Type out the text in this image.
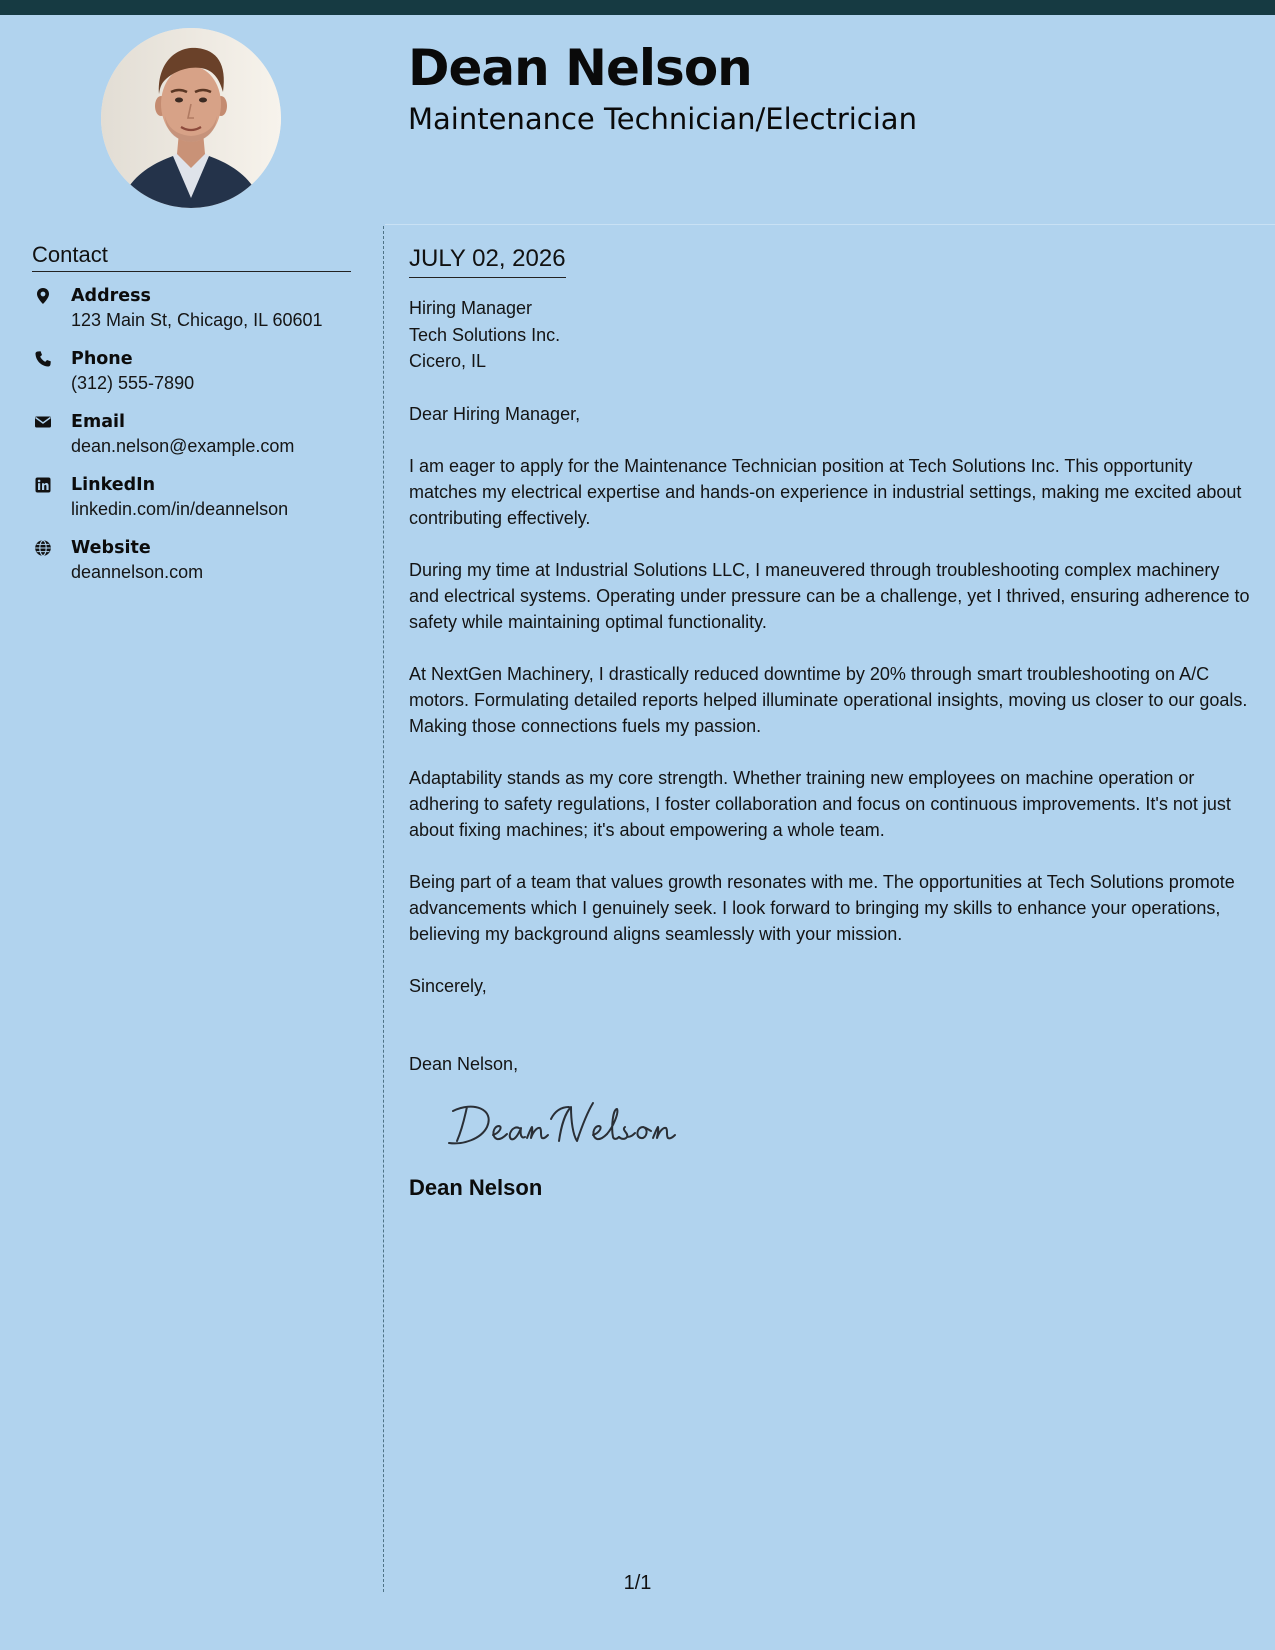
Dean Nelson
Maintenance Technician/Electrician
Contact
Address
123 Main St, Chicago, IL 60601
Phone
(312) 555-7890
Email
dean.nelson@example.com
LinkedIn
linkedin.com/in/deannelson
Website
deannelson.com
JULY 02, 2026
Hiring Manager
Tech Solutions Inc.
Cicero, IL
Dear Hiring Manager,
I am eager to apply for the Maintenance Technician position at Tech Solutions Inc. This opportunity matches my electrical expertise and hands-on experience in industrial settings, making me excited about contributing effectively.
During my time at Industrial Solutions LLC, I maneuvered through troubleshooting complex machinery and electrical systems. Operating under pressure can be a challenge, yet I thrived, ensuring adherence to safety while maintaining optimal functionality.
At NextGen Machinery, I drastically reduced downtime by 20% through smart troubleshooting on A/C motors. Formulating detailed reports helped illuminate operational insights, moving us closer to our goals. Making those connections fuels my passion.
Adaptability stands as my core strength. Whether training new employees on machine operation or adhering to safety regulations, I foster collaboration and focus on continuous improvements. It's not just about fixing machines; it's about empowering a whole team.
Being part of a team that values growth resonates with me. The opportunities at Tech Solutions promote advancements which I genuinely seek. I look forward to bringing my skills to enhance your operations, believing my background aligns seamlessly with your mission.
Sincerely,
Dean Nelson,
Dean Nelson
1/1
